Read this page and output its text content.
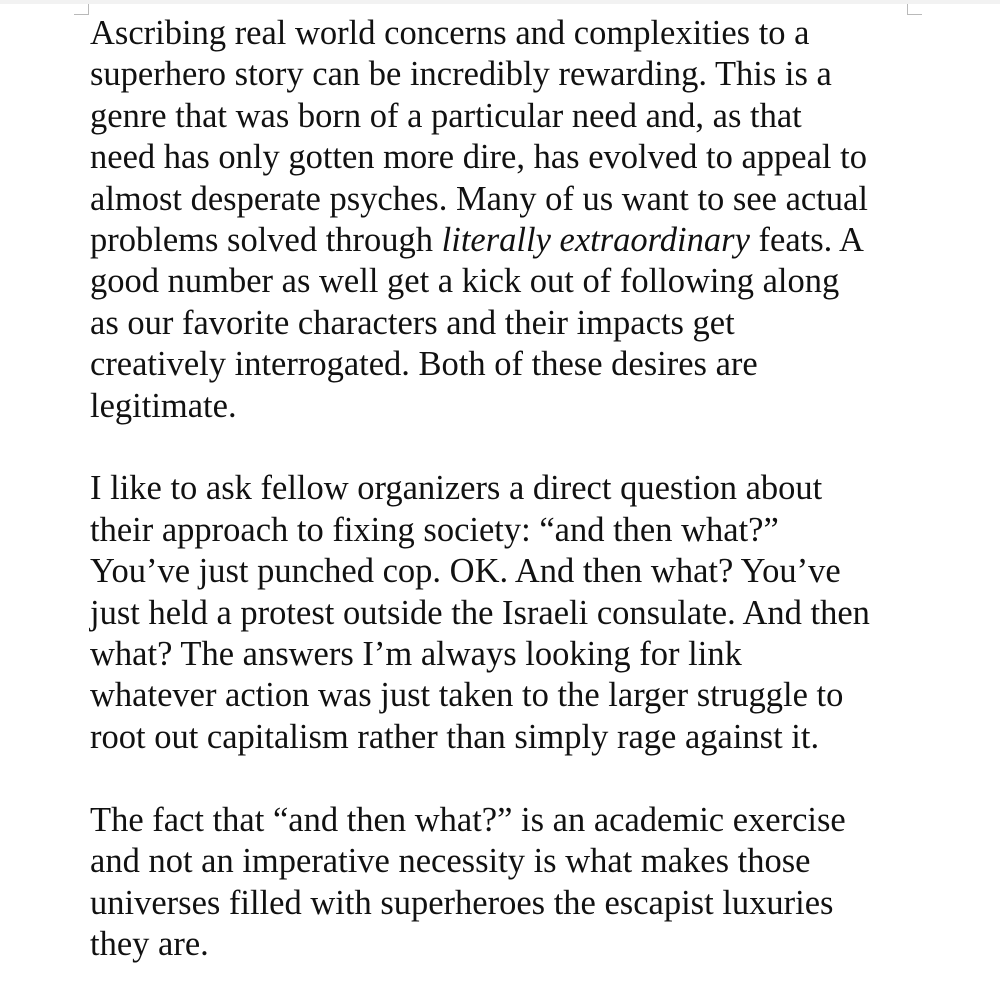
Ascribing real world concerns and complexities to a
superhero story can be incredibly rewarding. This is a
genre that was born of a particular need and, as that
need has only gotten more dire, has evolved to appeal to
almost desperate psyches. Many of us want to see actual
problems solved through literally extraordinary feats. A
good number as well get a kick out of following along
as our favorite characters and their impacts get
creatively interrogated. Both of these desires are
legitimate.

I like to ask fellow organizers a direct question about
their approach to fixing society: “and then what?”
You’ve just punched cop. OK. And then what? You’ve
just held a protest outside the Israeli consulate. And then
what? The answers I’m always looking for link
whatever action was just taken to the larger struggle to
root out capitalism rather than simply rage against it.

The fact that “and then what?” is an academic exercise
and not an imperative necessity is what makes those
universes filled with superheroes the escapist luxuries
they are.
